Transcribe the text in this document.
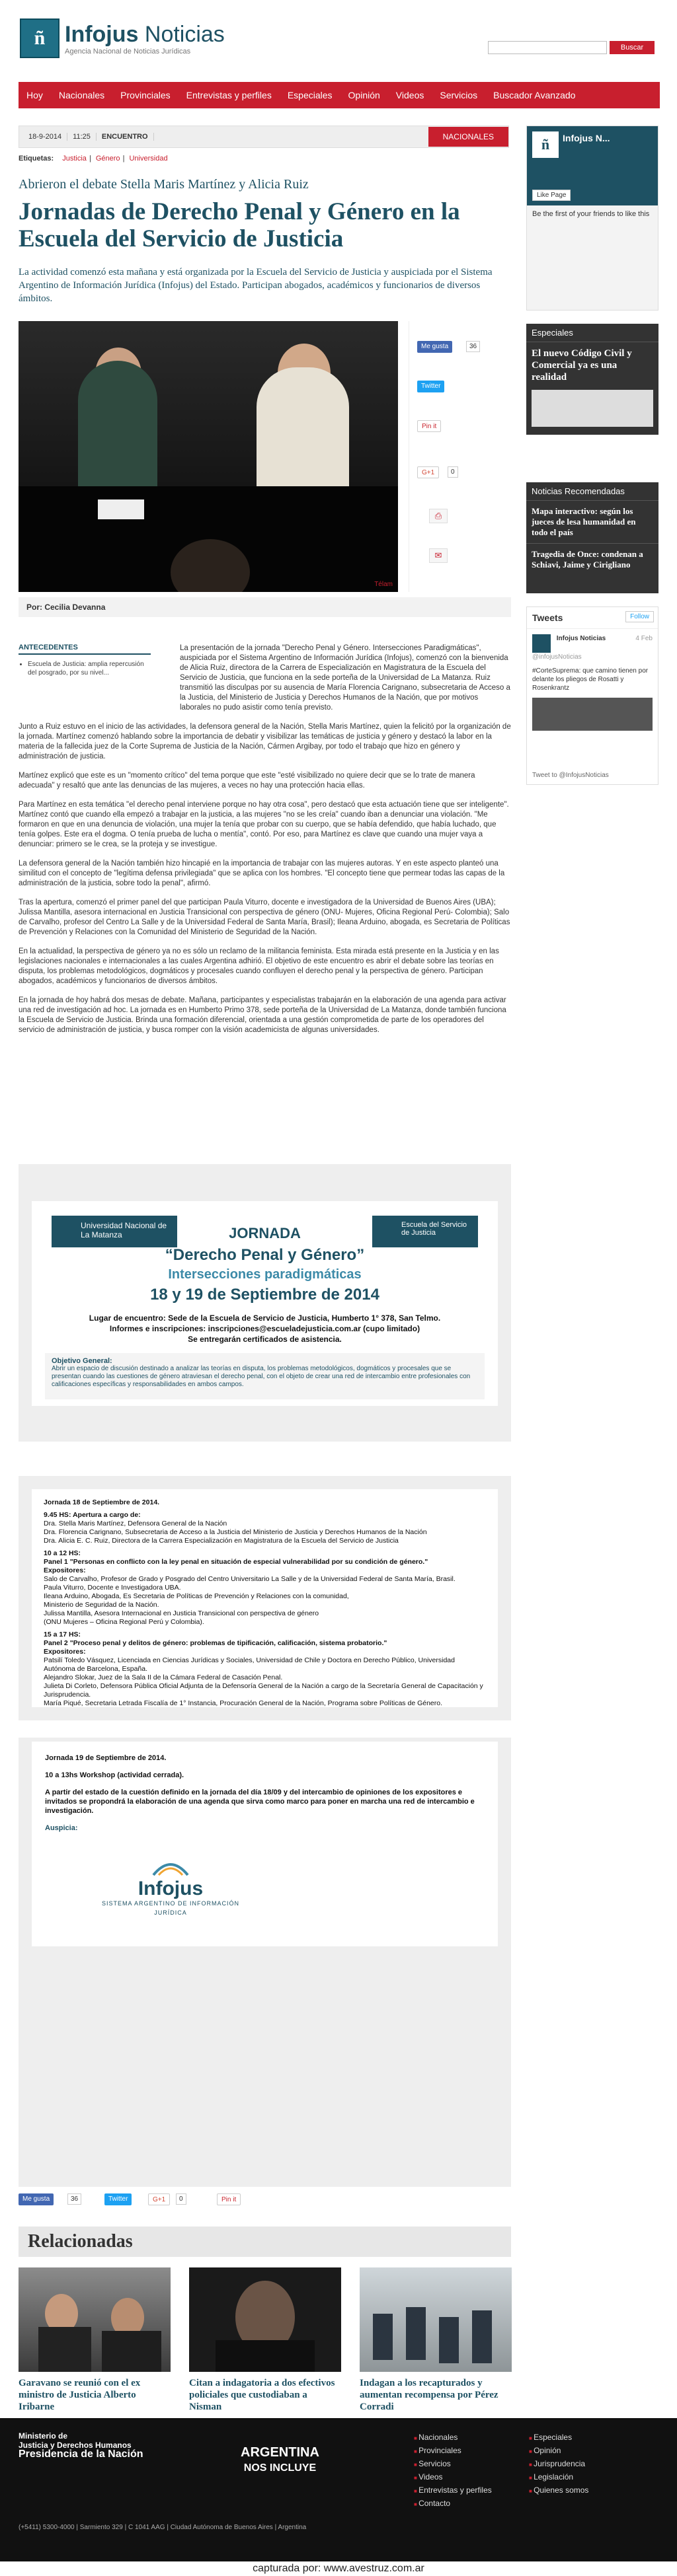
ñ Infojus Noticias
Agencia Nacional de Noticias Jurídicas	Buscar
Hoy Nacionales Provinciales Entrevistas y perfiles Especiales Opinión Videos Servicios Buscador Avanzado
18-9-2014	11:25	ENCUENTRO	NACIONALES
Etiquetas: Justicia | Género | Universidad
Abrieron el debate Stella Maris Martínez y Alicia Ruiz
Jornadas de Derecho Penal y Género en la Escuela del Servicio de Justicia
La actividad comenzó esta mañana y está organizada por la Escuela del Servicio de Justicia y auspiciada por el Sistema Argentino de Información Jurídica (Infojus) del Estado. Participan abogados, académicos y funcionarios de diversos ámbitos.
Télam
Me gusta	36
Twitter
Pin it
G+1	0
⎙
✉
Por: Cecilia Devanna

La presentación de la jornada "Derecho Penal y Género. Intersecciones Paradigmáticas", auspiciada por el Sistema Argentino de Información Jurídica (Infojus), comenzó con la bienvenida de Alicia Ruiz, directora de la Carrera de Especialización en Magistratura de la Escuela del Servicio de Justicia, que funciona en la sede porteña de la Universidad de La Matanza. Ruiz transmitió las disculpas por su ausencia de María Florencia Carignano, subsecretaria de Acceso a la Justicia, del Ministerio de Justicia y Derechos Humanos de la Nación, que por motivos laborales no pudo asistir como tenía previsto.

Junto a Ruiz estuvo en el inicio de las actividades, la defensora general de la Nación, Stella Maris Martínez, quien la felicitó por la organización de la jornada. Martínez comenzó hablando sobre la importancia de debatir y visibilizar las temáticas de justicia y género y destacó la labor en la materia de la fallecida juez de la Corte Suprema de Justicia de la Nación, Cármen Argibay, por todo el trabajo que hizo en género y administración de justicia.

Martínez explicó que este es un "momento crítico" del tema porque que este "esté visibilizado no quiere decir que se lo trate de manera adecuada" y resaltó que ante las denuncias de las mujeres, a veces no hay una protección hacia ellas.

Para Martínez en esta temática "el derecho penal interviene porque no hay otra cosa", pero destacó que esta actuación tiene que ser inteligente". Martínez contó que cuando ella empezó a trabajar en la justicia, a las mujeres "no se les creía" cuando iban a denunciar una violación. "Me formaron en que en una denuncia de violación, una mujer la tenía que probar con su cuerpo, que se había defendido, que había luchado, que tenía golpes. Este era el dogma. O tenía prueba de lucha o mentía", contó. Por eso, para Martínez es clave que cuando una mujer vaya a denunciar: primero se le crea, se la proteja y se investigue.

La defensora general de la Nación también hizo hincapié en la importancia de trabajar con las mujeres autoras. Y en este aspecto planteó una similitud con el concepto de "legítima defensa privilegiada" que se aplica con los hombres. "El concepto tiene que permear todas las capas de la administración de la justicia, sobre todo la penal", afirmó.

Tras la apertura, comenzó el primer panel del que participan Paula Viturro, docente e investigadora de la Universidad de Buenos Aires (UBA); Julissa Mantilla, asesora internacional en Justicia Transicional con perspectiva de género (ONU- Mujeres, Oficina Regional Perú- Colombia); Salo de Carvalho, profesor del Centro La Salle y de la Universidad Federal de Santa María, Brasil); Ileana Arduino, abogada, es Secretaria de Políticas de Prevención y Relaciones con la Comunidad del Ministerio de Seguridad de la Nación.

En la actualidad, la perspectiva de género ya no es sólo un reclamo de la militancia feminista. Esta mirada está presente en la Justicia y en las legislaciones nacionales e internacionales a las cuales Argentina adhirió. El objetivo de este encuentro es abrir el debate sobre las teorías en disputa, los problemas metodológicos, dogmáticos y procesales cuando confluyen el derecho penal y la perspectiva de género. Participan abogados, académicos y funcionarios de diversos ámbitos.

En la jornada de hoy habrá dos mesas de debate. Mañana, participantes y especialistas trabajarán en la elaboración de una agenda para activar una red de investigación ad hoc. La jornada es en Humberto Primo 378, sede porteña de la Universidad de La Matanza, donde también funciona la Escuela de Servicio de Justicia. Brinda una formación diferencial, orientada a una gestión comprometida de parte de los operadores del servicio de administración de justicia, y busca romper con la visión academicista de algunas universidades.

ANTECEDENTES
• Escuela de Justicia: amplia repercusión del posgrado, por su nivel...
Universidad Nacional de La Matanza
Escuela del Servicio de Justicia
JORNADA
“Derecho Penal y Género”
Intersecciones paradigmáticas
18 y 19 de Septiembre de 2014
Lugar de encuentro: Sede de la Escuela de Servicio de Justicia, Humberto 1° 378, San Telmo.
Informes e inscripciones: inscripciones@escueladejusticia.com.ar (cupo limitado)
Se entregarán certificados de asistencia.
Objetivo General:
Abrir un espacio de discusión destinado a analizar las teorías en disputa, los problemas metodológicos, dogmáticos y procesales que se presentan cuando las cuestiones de género atraviesan el derecho penal, con el objeto de crear una red de intercambio entre profesionales con calificaciones específicas y responsabilidades en ambos campos.
Jornada 18 de Septiembre de 2014.
9.45 HS: Apertura a cargo de:
Dra. Stella Maris Martínez, Defensora General de la Nación
Dra. Florencia Carignano, Subsecretaria de Acceso a la Justicia del Ministerio de Justicia y Derechos Humanos de la Nación
Dra. Alicia E. C. Ruiz, Directora de la Carrera Especialización en Magistratura de la Escuela del Servicio de Justicia
10 a 12 HS:
Panel 1 "Personas en conflicto con la ley penal en situación de especial vulnerabilidad por su condición de género."
Expositores:
Salo de Carvalho, Profesor de Grado y Posgrado del Centro Universitario La Salle y de la Universidad Federal de Santa María, Brasil.
Paula Viturro, Docente e Investigadora UBA.
Ileana Arduino, Abogada, Es Secretaria de Políticas de Prevención y Relaciones con la comunidad,
Ministerio de Seguridad de la Nación.
Julissa Mantilla, Asesora Internacional en Justicia Transicional con perspectiva de género
(ONU Mujeres – Oficina Regional Perú y Colombia).
15 a 17 HS:
Panel 2 "Proceso penal y delitos de género: problemas de tipificación, calificación, sistema probatorio."
Expositores:
Patsilí Toledo Vásquez, Licenciada en Ciencias Jurídicas y Sociales, Universidad de Chile y Doctora en Derecho Público, Universidad Autónoma de Barcelona, España.
Alejandro Slokar, Juez de la Sala II de la Cámara Federal de Casación Penal.
Julieta Di Corleto, Defensora Pública Oficial Adjunta de la Defensoría General de la Nación a cargo de la Secretaría General de Capacitación y Jurisprudencia.
María Piqué, Secretaria Letrada Fiscalía de 1° Instancia, Procuración General de la Nación, Programa sobre Políticas de Género.
Jornada 19 de Septiembre de 2014.
10 a 13hs Workshop (actividad cerrada).
A partir del estado de la cuestión definido en la jornada del día 18/09 y del intercambio de opiniones de los expositores e invitados se propondrá la elaboración de una agenda que sirva como marco para poner en marcha una red de intercambio e investigación.
Auspicia:
Infojus
SISTEMA ARGENTINO DE INFORMACIÓN JURÍDICA
Me gusta	36	Twitter	G+1	0	Pin it
Relacionadas
Garavano se reunió con el ex ministro de Justicia Alberto Iribarne
Citan a indagatoria a dos efectivos policiales que custodiaban a Nisman
Indagan a los recapturados y aumentan recompensa por Pérez Corradi
ñ	Infojus N...
Like Page
Be the first of your friends to like this
Especiales
El nuevo Código Civil y Comercial ya es una realidad
Noticias Recomendadas
Mapa interactivo: según los jueces de lesa humanidad en todo el país
Tragedia de Once: condenan a Schiavi, Jaime y Cirigliano
Tweets	Follow
Infojus Noticias	4 Feb

@infojusNoticias
#CorteSuprema: que camino tienen por delante los pliegos de Rosatti y Rosenkrantz
Tweet to @InfojusNoticias
Ministerio de
Justicia y Derechos Humanos
Presidencia de la Nación	ARGENTINA
NOS INCLUYE
■ Nacionales
■ Provinciales
■ Servicios
■ Videos
■ Entrevistas y perfiles
■ Contacto
■ Especiales
■ Opinión
■ Jurisprudencia
■ Legislación
■ Quienes somos
(+5411) 5300-4000 | Sarmiento 329 | C 1041 AAG | Ciudad Autónoma de Buenos Aires | Argentina
capturada por: www.avestruz.com.ar
